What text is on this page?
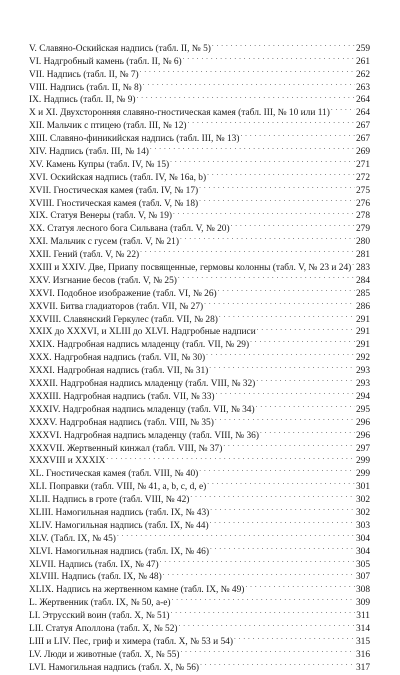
V. Славяно-Оскийская надпись (табл. II, № 5) . . .	259
VI. Надгробный камень (табл. II, № 6) . . .	261
VII. Надпись (табл. II, № 7) . . .	262
VIII. Надпись (табл. II, № 8) . . .	263
IX. Надпись (табл. II, № 9) . . .	264
X и XI. Двухсторонняя славяно-гностическая камея (табл. III, № 10 или 11) . . .	264
XII. Мальчик с птицею (табл. III, № 12) . . .	267
XIII. Славяно-финикийская надпись (табл. III, № 13) . . .	267
XIV. Надпись (табл. III, № 14) . . .	269
XV. Камень Купры (табл. IV, № 15) . . .	271
XVI. Оскийская надпись (табл. IV, № 16а, b) . . .	272
XVII. Гностическая камея (табл. IV, № 17) . . .	275
XVIII. Гностическая камея (табл. V, № 18) . . .	276
XIX. Статуя Венеры (табл. V, № 19) . . .	278
XX. Статуя лесного бога Сильвана (табл. V, № 20) . . .	279
XXI. Мальчик с гусем (табл. V, № 21) . . .	280
XXII. Гений (табл. V, № 22) . . .	281
XXIII и XXIV. Две, Приапу посвященные, гермовы колонны (табл. V, № 23 и 24) . . . 283
XXV. Изгнание бесов (табл. V, № 25) . . .	284
XXVI. Подобное изображение (табл. VI, № 26) . . .	285
XXVII. Битва гладиаторов (табл. VII, № 27) . . .	286
XXVIII. Славянский Геркулес (табл. VII, № 28) . . .	291
XXIX до XXXVI, и XLIII до XLVI. Надгробные надписи . . .	291
XXIX. Надгробная надпись младенцу (табл. VII, № 29) . . .	291
XXX. Надгробная надпись (табл. VII, № 30) . . .	292
XXXI. Надгробная надпись (табл. VII, № 31) . . .	293
XXXII. Надгробная надпись младенцу (табл. VIII, № 32) . . .	293
XXXIII. Надгробная надпись (табл. VII, № 33) . . .	294
XXXIV. Надгробная надпись младенцу (табл. VII, № 34) . . .	295
XXXV. Надгробная надпись (табл. VIII, № 35) . . .	296
XXXVI. Надгробная надпись младенцу (табл. VIII, № 36) . . .	296
XXXVII. Жертвенный кинжал (табл. VIII, № 37) . . .	297
XXXVIII и XXXIX . . .	299
XL. Гностическая камея (табл. VIII, № 40) . . .	299
XLI. Поправки (табл. VIII, № 41, a, b, c, d, e) . . .	301
XLII. Надпись в гроте (табл. VIII, № 42) . . .	302
XLIII. Намогильная надпись (табл. IX, № 43) . . .	302
XLIV. Намогильная надпись (табл. IX, № 44) . . .	303
XLV. (Табл. IX, № 45) . . .	304
XLVI. Намогильная надпись (табл. IX, № 46) . . .	304
XLVII. Надпись (табл. IX, № 47) . . .	305
XLVIII. Надпись (табл. IX, № 48) . . .	307
XLIX. Надпись на жертвенном камне (табл. IX, № 49) . . .	308
L. Жертвенник (табл. IX, № 50, a-e) . . .	309
LI. Этрусский воин (табл. X, № 51) . . .	311
LII. Статуя Аполлона (табл. X, № 52) . . .	314
LIII и LIV. Пес, гриф и химера (табл. X, № 53 и 54) . . .	315
LV. Люди и животные (табл. X, № 55) . . .	316
LVI. Намогильная надпись (табл. X, № 56) . . .	317
